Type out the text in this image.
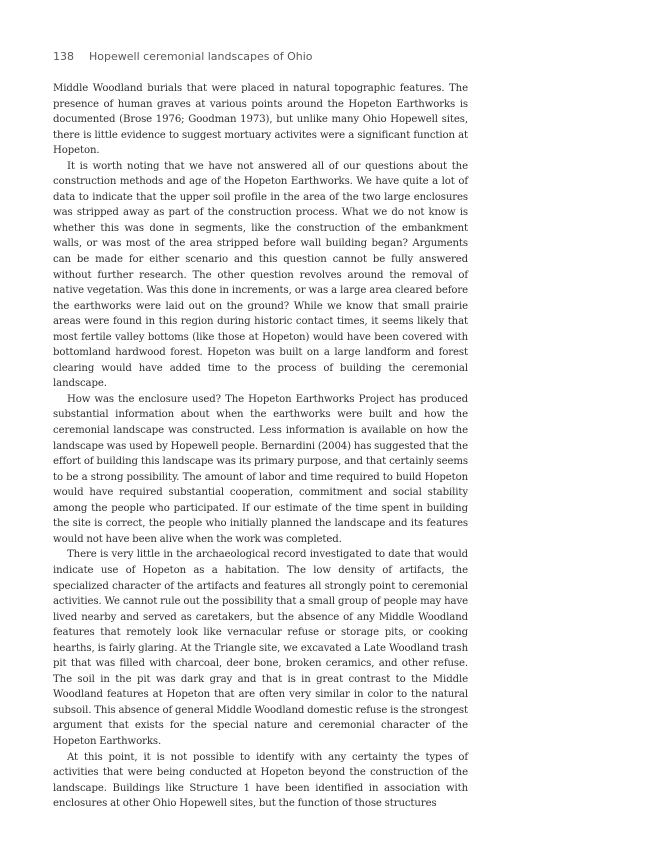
138 Hopewell ceremonial landscapes of Ohio

Middle Woodland burials that were placed in natural topographic features. The presence of human graves at various points around the Hopeton Earthworks is documented (Brose 1976; Goodman 1973), but unlike many Ohio Hopewell sites, there is little evidence to suggest mortuary activites were a significant function at Hopeton.

It is worth noting that we have not answered all of our questions about the construction methods and age of the Hopeton Earthworks. We have quite a lot of data to indicate that the upper soil profile in the area of the two large enclosures was stripped away as part of the construction process. What we do not know is whether this was done in segments, like the construction of the embankment walls, or was most of the area stripped before wall building began? Arguments can be made for either scenario and this question cannot be fully answered without further research. The other question revolves around the removal of native vegetation. Was this done in increments, or was a large area cleared before the earthworks were laid out on the ground? While we know that small prairie areas were found in this region during historic contact times, it seems likely that most fertile valley bottoms (like those at Hopeton) would have been covered with bottomland hardwood forest. Hopeton was built on a large landform and forest clearing would have added time to the process of building the ceremonial landscape.

How was the enclosure used? The Hopeton Earthworks Project has produced substantial information about when the earthworks were built and how the ceremonial landscape was constructed. Less information is available on how the landscape was used by Hopewell people. Bernardini (2004) has suggested that the effort of building this landscape was its primary purpose, and that certainly seems to be a strong possibility. The amount of labor and time required to build Hopeton would have required substantial cooperation, commitment and social stability among the people who participated. If our estimate of the time spent in building the site is correct, the people who initially planned the landscape and its features would not have been alive when the work was completed.

There is very little in the archaeological record investigated to date that would indicate use of Hopeton as a habitation. The low density of artifacts, the specialized character of the artifacts and features all strongly point to ceremonial activities. We cannot rule out the possibility that a small group of people may have lived nearby and served as caretakers, but the absence of any Middle Woodland features that remotely look like vernacular refuse or storage pits, or cooking hearths, is fairly glaring. At the Triangle site, we excavated a Late Woodland trash pit that was filled with charcoal, deer bone, broken ceramics, and other refuse. The soil in the pit was dark gray and that is in great contrast to the Middle Woodland features at Hopeton that are often very similar in color to the natural subsoil. This absence of general Middle Woodland domestic refuse is the strongest argument that exists for the special nature and ceremonial character of the Hopeton Earthworks.

At this point, it is not possible to identify with any certainty the types of activities that were being conducted at Hopeton beyond the construction of the landscape. Buildings like Structure 1 have been identified in association with enclosures at other Ohio Hopewell sites, but the function of those structures
